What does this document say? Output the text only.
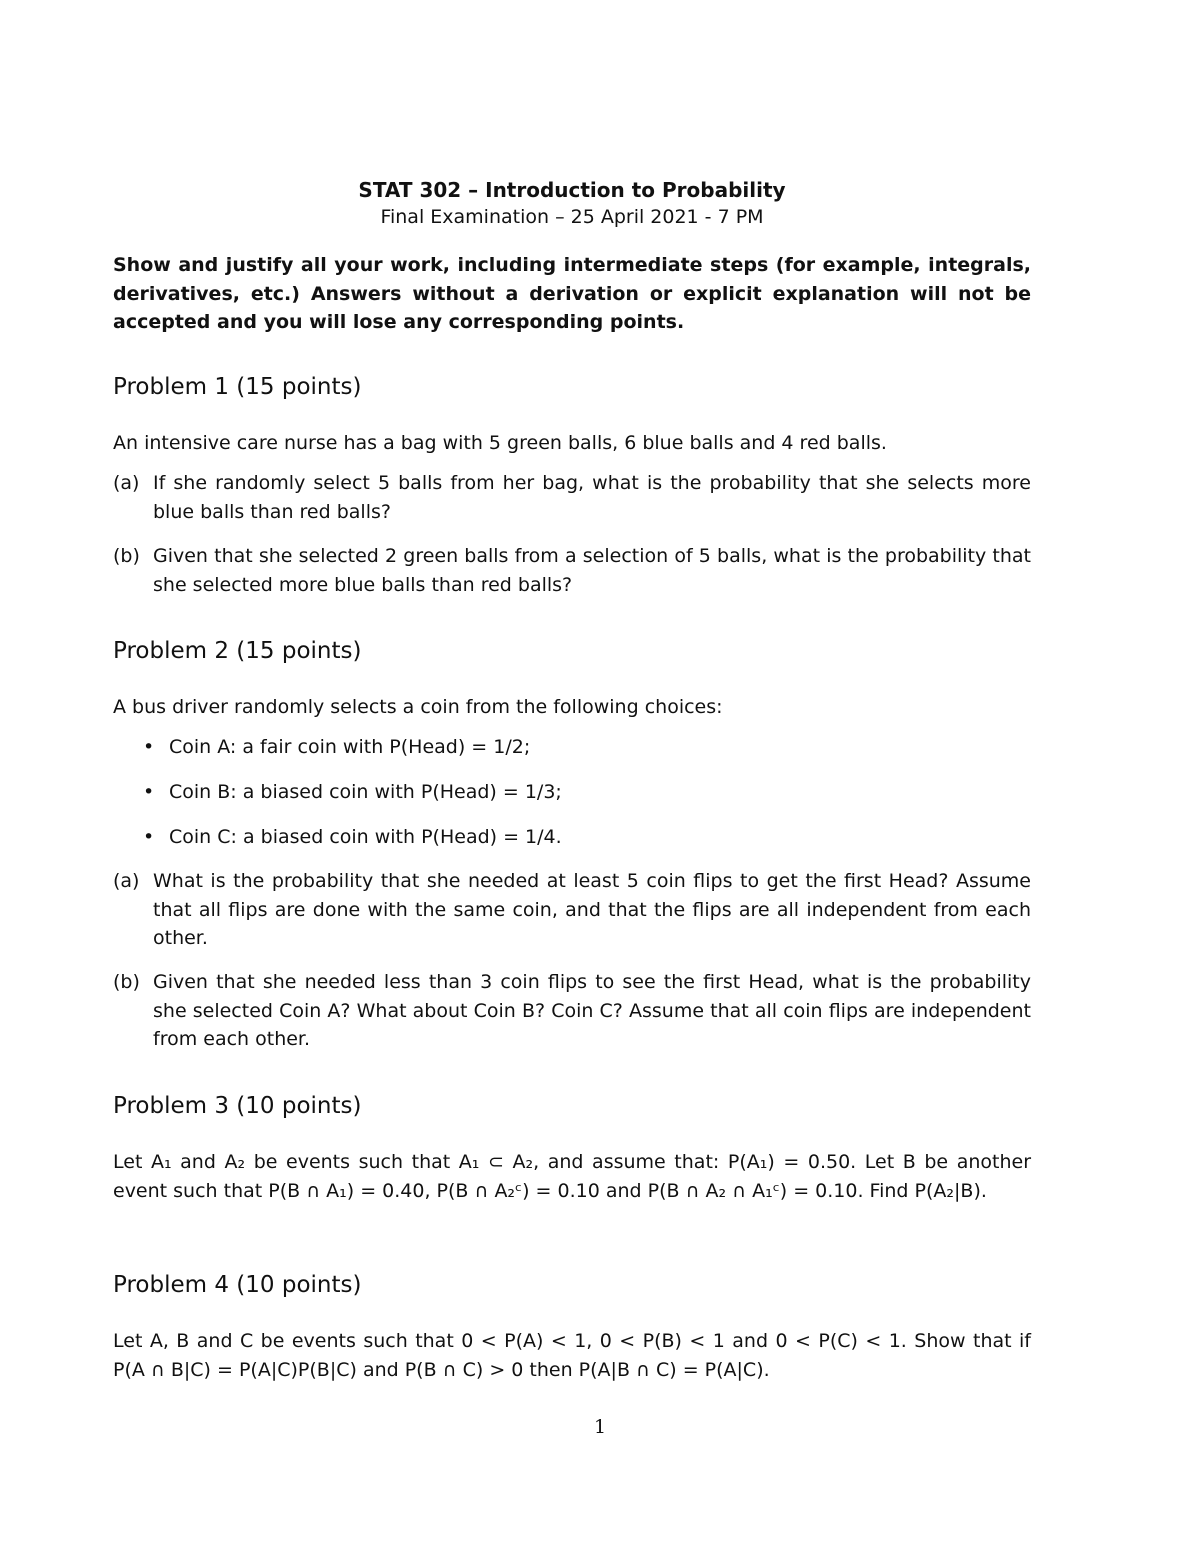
STAT 302 – Introduction to Probability
Final Examination – 25 April 2021 - 7 PM
Show and justify all your work, including intermediate steps (for example, integrals, derivatives, etc.) Answers without a derivation or explicit explanation will not be accepted and you will lose any corresponding points.
Problem 1 (15 points)
An intensive care nurse has a bag with 5 green balls, 6 blue balls and 4 red balls.
(a) If she randomly select 5 balls from her bag, what is the probability that she selects more blue balls than red balls?
(b) Given that she selected 2 green balls from a selection of 5 balls, what is the probability that she selected more blue balls than red balls?
Problem 2 (15 points)
A bus driver randomly selects a coin from the following choices:
• Coin A: a fair coin with P(Head) = 1/2;
• Coin B: a biased coin with P(Head) = 1/3;
• Coin C: a biased coin with P(Head) = 1/4.
(a) What is the probability that she needed at least 5 coin flips to get the first Head? Assume that all flips are done with the same coin, and that the flips are all independent from each other.
(b) Given that she needed less than 3 coin flips to see the first Head, what is the probability she selected Coin A? What about Coin B? Coin C? Assume that all coin flips are independent from each other.
Problem 3 (10 points)
Let A₁ and A₂ be events such that A₁ ⊂ A₂, and assume that: P(A₁) = 0.50. Let B be another event such that P(B ∩ A₁) = 0.40, P(B ∩ A₂ᶜ) = 0.10 and P(B ∩ A₂ ∩ A₁ᶜ) = 0.10. Find P(A₂|B).
Problem 4 (10 points)
Let A, B and C be events such that 0 < P(A) < 1, 0 < P(B) < 1 and 0 < P(C) < 1. Show that if P(A ∩ B|C) = P(A|C)P(B|C) and P(B ∩ C) > 0 then P(A|B ∩ C) = P(A|C).
1
